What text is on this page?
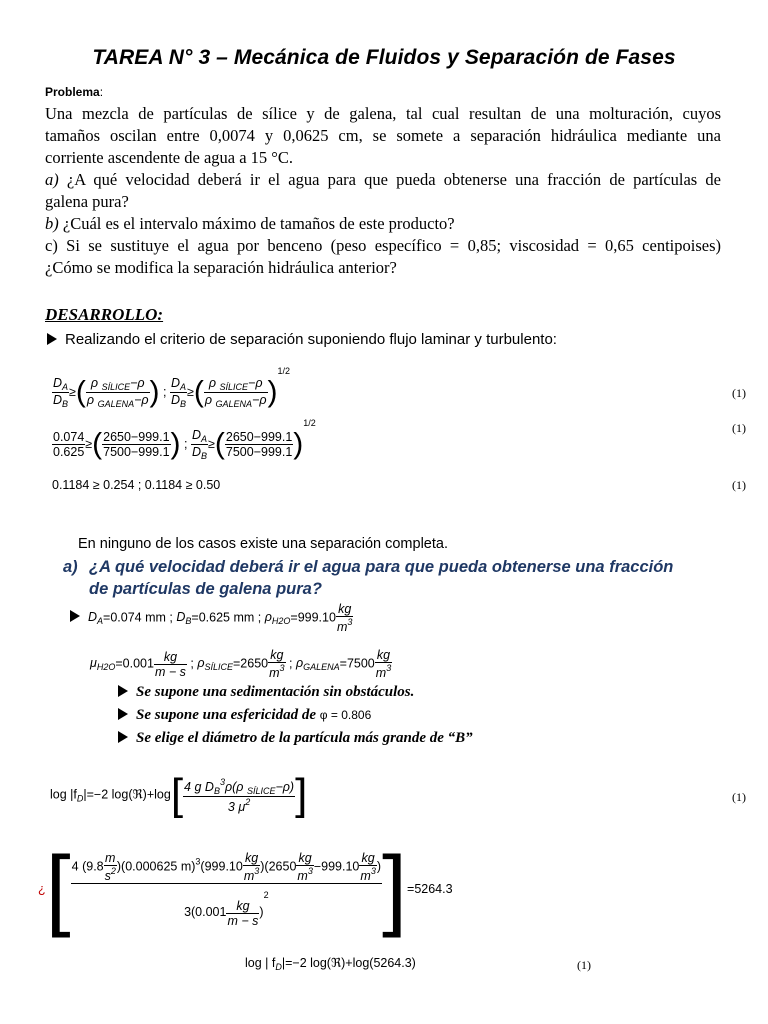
TAREA N° 3 – Mecánica de Fluidos y Separación de Fases
Problema:
Una mezcla de partículas de sílice y de galena, tal cual resultan de una molturación, cuyos
tamaños oscilan entre 0,0074 y 0,0625 cm, se somete a separación hidráulica mediante una
corriente ascendente de agua a 15 °C.
a) ¿A qué velocidad deberá ir el agua para que pueda obtenerse una fracción de partículas de
galena pura?
b) ¿Cuál es el intervalo máximo de tamaños de este producto?
c) Si se sustituye el agua por benceno (peso específico = 0,85; viscosidad = 0,65 centipoises)
¿Cómo se modifica la separación hidráulica anterior?
DESARROLLO:
Realizando el criterio de separación suponiendo flujo laminar y turbulento:
$\frac{D_A}{D_B}$ ≥( $\frac{\rho _{SÍLICE}-\rho}{\rho _{GALENA}-\rho}$ ) ; $\frac{D_A}{D_B}$ ≥( $\frac{\rho _{SÍLICE}-\rho}{\rho _{GALENA}-\rho} )^{1/2}$
(1)
$\frac{0.074}{0.625}$ ≥( $\frac{2650-999.1}{7500-999.1}$ ) ; $\frac{D_A}{D_B}$ ≥( $\frac{2650-999.1}{7500-999.1} )^{1/2}$	(1)
0.1184 ≥ 0.254 ; 0.1184 ≥ 0.50	(1)
En ninguno de los casos existe una separación completa.
a) ¿A qué velocidad deberá ir el agua para que pueda obtenerse una fracción
de partículas de galena pura?
$D_A=0.074$ mm ; $D_B=0.625$ mm ; $\rho_{H2O}=999.10 \frac{kg}{m^3}$
$\mu_{H2O}=0.001 \frac{kg}{m - s}$ ; $\rho_{SÍLICE}=2650 \frac{kg}{m^3}$ ; $\rho_{GALENA}=7500 \frac{kg}{m^3}$
Se supone una sedimentación sin obstáculos.
Se supone una esfericidad de φ = 0.806
Se elige el diámetro de la partícula más grande de “B”
$\log |f_D|=-2$ log(ℜ)+log[ $\frac{4 g D_B^3\rho(\rho _{SÍLICE}-\rho)}{3 \mu^2}$ ]	(1)
¿[ $\frac{4 (9.8 \frac{m}{s^2} )(0.000625 m)^3(999.10 \frac{kg}{m^3} )(2650 \frac{kg}{m^3} -999.10 \frac{kg}{m^3} )}{3(0.001 \frac{kg}{m - s} )^2} ]=5264.3$
log | $f_D|=-2$ log(ℜ)+log(5264.3)	(1)
